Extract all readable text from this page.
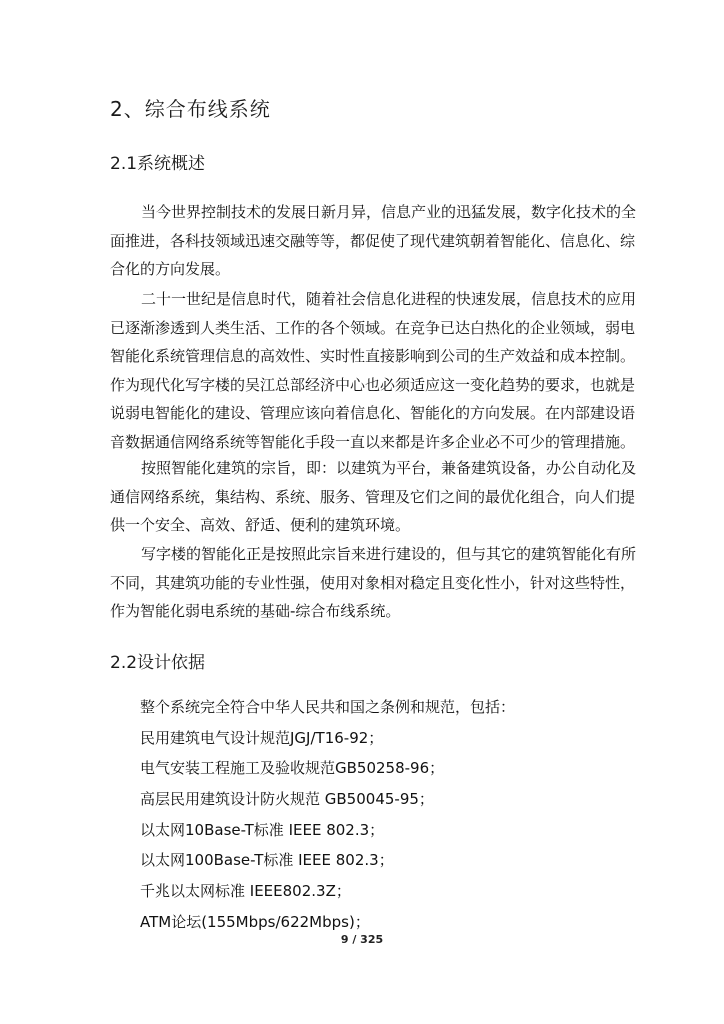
2、综合布线系统
2.1系统概述

当今世界控制技术的发展日新月异，信息产业的迅猛发展，数字化技术的全
面推进，各科技领域迅速交融等等，都促使了现代建筑朝着智能化、信息化、综
合化的方向发展。

二十一世纪是信息时代，随着社会信息化进程的快速发展，信息技术的应用
已逐渐渗透到人类生活、工作的各个领域。在竞争已达白热化的企业领域，弱电
智能化系统管理信息的高效性、实时性直接影响到公司的生产效益和成本控制。
作为现代化写字楼的吴江总部经济中心也必须适应这一变化趋势的要求，也就是
说弱电智能化的建设、管理应该向着信息化、智能化的方向发展。在内部建设语
音数据通信网络系统等智能化手段一直以来都是许多企业必不可少的管理措施。

按照智能化建筑的宗旨，即：以建筑为平台，兼备建筑设备，办公自动化及
通信网络系统，集结构、系统、服务、管理及它们之间的最优化组合，向人们提
供一个安全、高效、舒适、便利的建筑环境。

写字楼的智能化正是按照此宗旨来进行建设的，但与其它的建筑智能化有所
不同，其建筑功能的专业性强，使用对象相对稳定且变化性小，针对这些特性，
作为智能化弱电系统的基础-综合布线系统。

2.2设计依据
整个系统完全符合中华人民共和国之条例和规范，包括：
民用建筑电气设计规范JGJ/T16-92；
电气安装工程施工及验收规范GB50258-96；
高层民用建筑设计防火规范 GB50045-95；
以太网10Base-T标准 IEEE 802.3；
以太网100Base-T标准 IEEE 802.3；
千兆以太网标准 IEEE802.3Z；
ATM论坛(155Mbps/622Mbps)；
9 / 325
